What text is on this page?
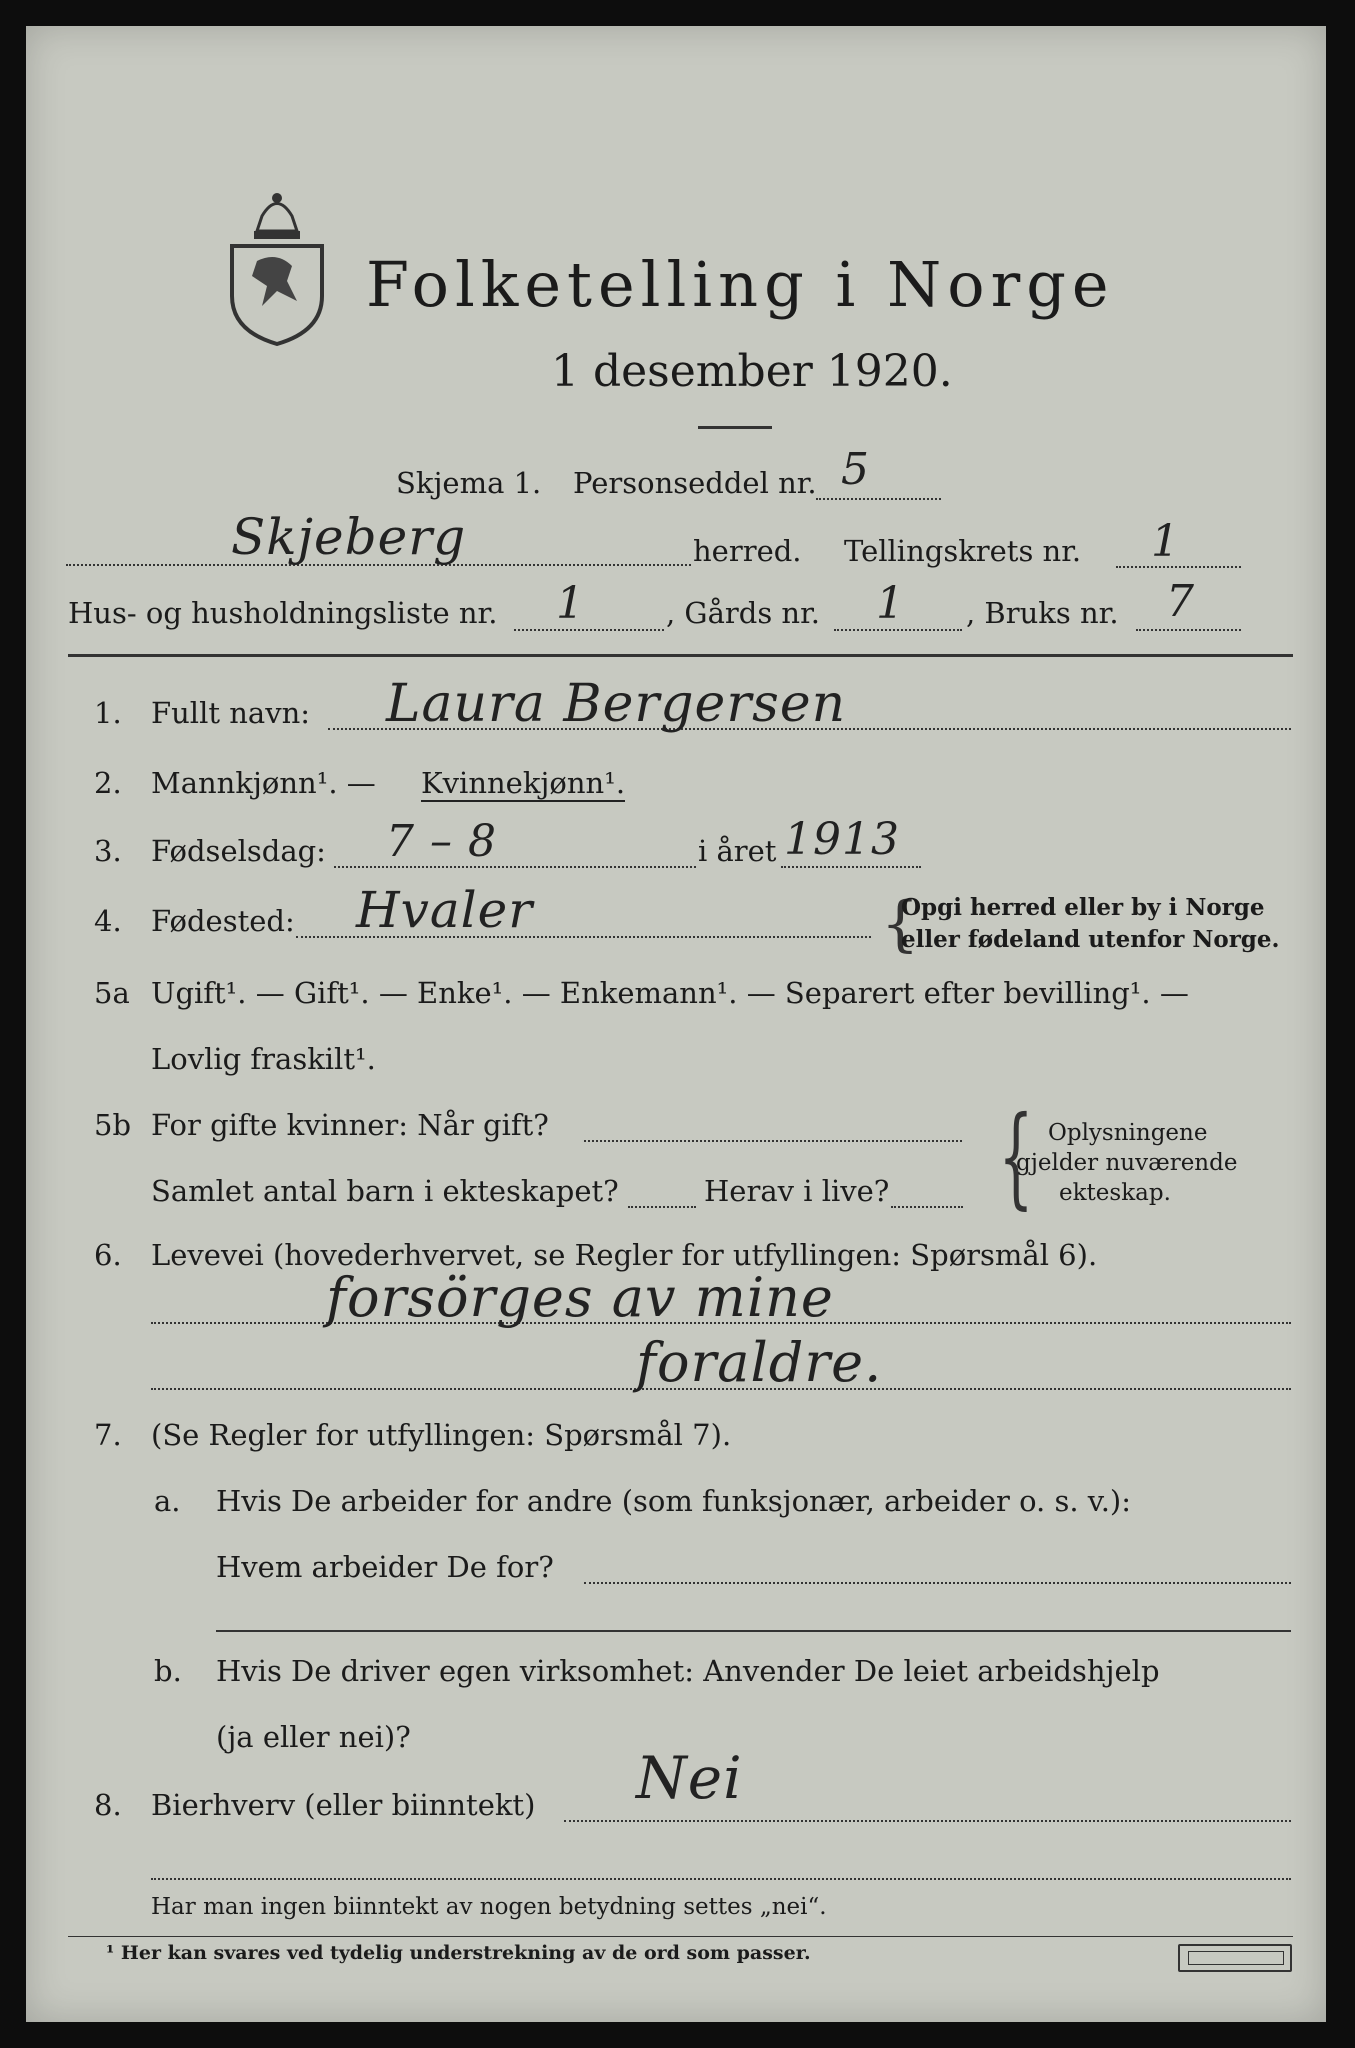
Folketelling i Norge
1 desember 1920.
Skjema 1. Personseddel nr. 5
Skjeberg	herred. Tellingskrets nr. 1
Hus- og husholdningsliste nr. 1	, Gårds nr. 1 , Bruks nr. 7
1. Fullt navn: Laura Bergersen
2. Mannkjønn¹. — Kvinnekjønn¹.
3. Fødselsdag: 7 – 8	i året 1913
4. Fødested: Hvaler	{
Opgi herred eller by i Norge
eller fødeland utenfor Norge.
5a Ugift¹. — Gift¹. — Enke¹. — Enkemann¹. — Separert efter bevilling¹. —
Lovlig fraskilt¹.
5b For gifte kvinner: Når gift?
Samlet antal barn i ekteskapet?	Herav i live? { Oplysningene
gjelder nuværende
ekteskap.
6. Levevei (hovederhvervet, se Regler for utfyllingen: Spørsmål 6).
forsörges av mine
foraldre.
7. (Se Regler for utfyllingen: Spørsmål 7).
a. Hvis De arbeider for andre (som funksjonær, arbeider o. s. v.):
Hvem arbeider De for?
b. Hvis De driver egen virksomhet: Anvender De leiet arbeidshjelp
(ja eller nei)?
8. Bierhverv (eller biinntekt) Nei
Har man ingen biinntekt av nogen betydning settes „nei“.
¹ Her kan svares ved tydelig understrekning av de ord som passer.
